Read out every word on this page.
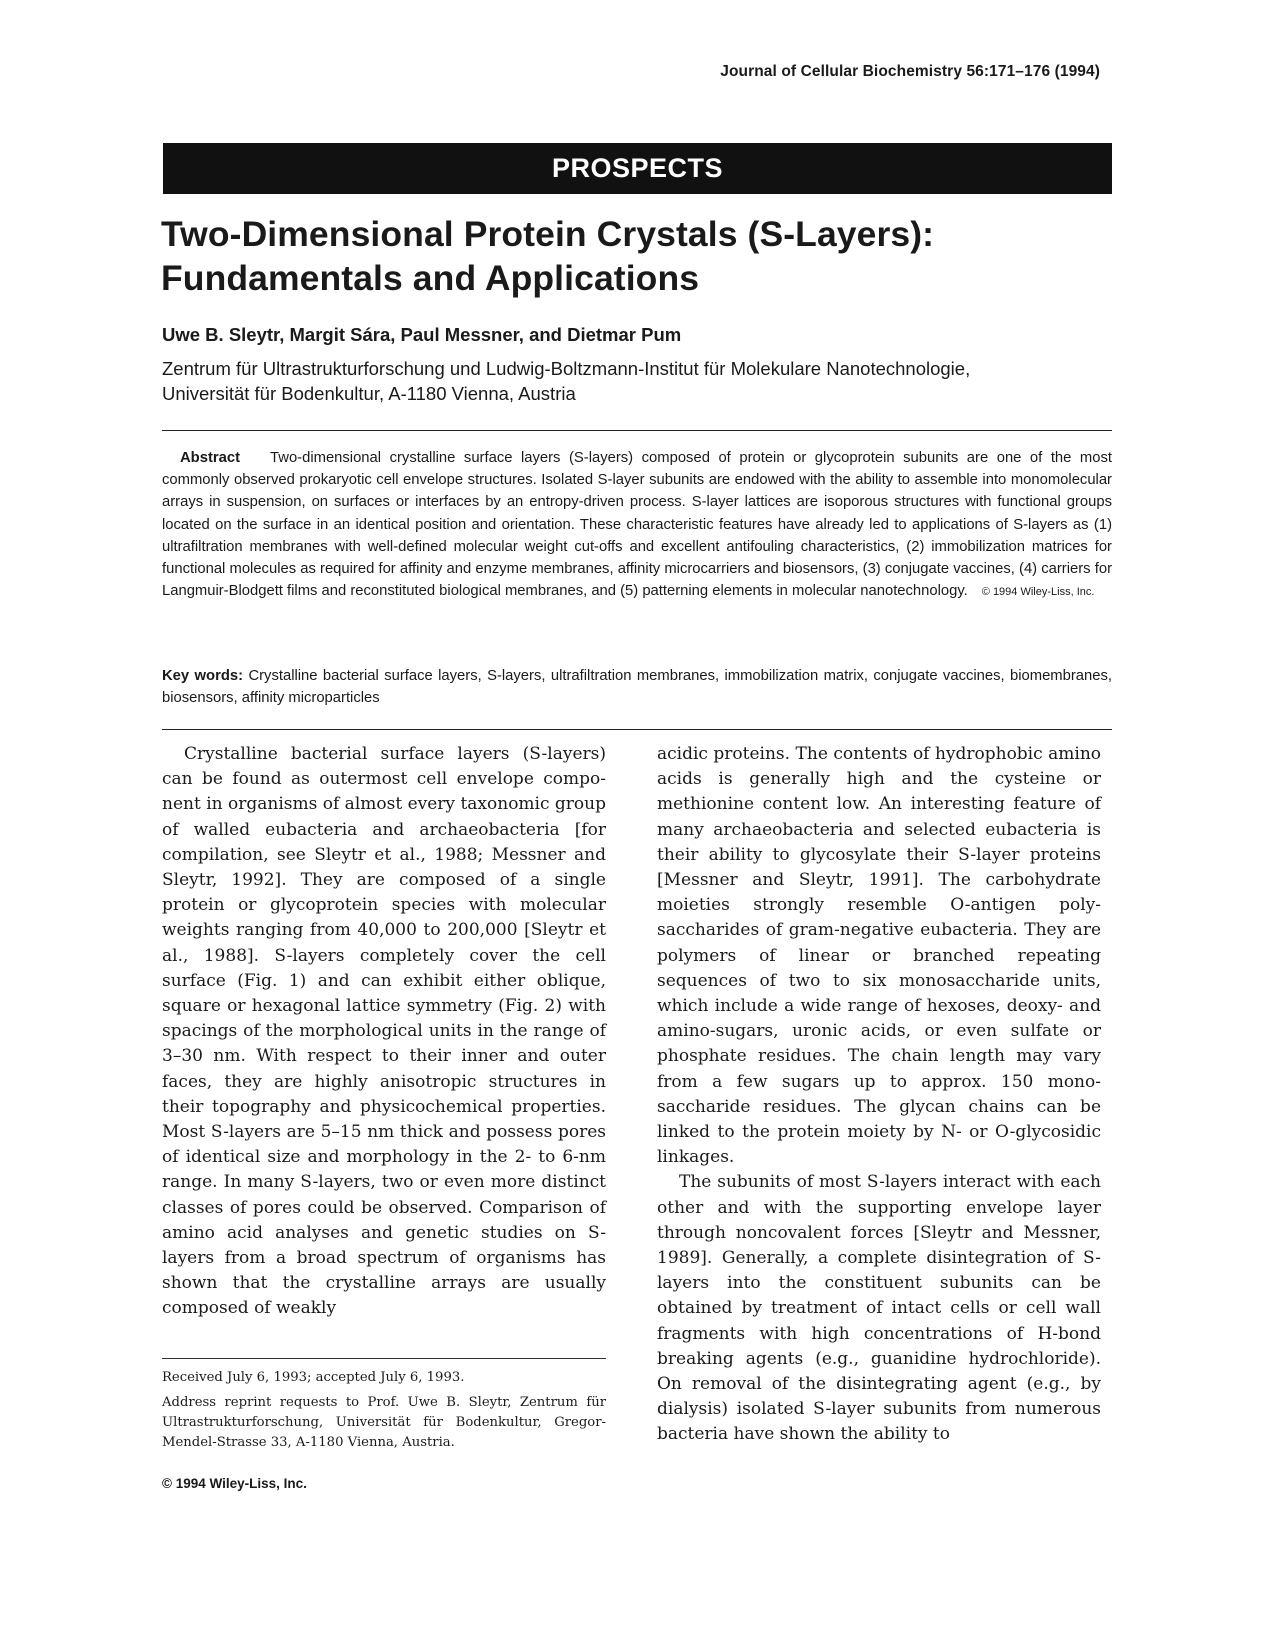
Journal of Cellular Biochemistry 56:171–176 (1994)
PROSPECTS
Two-Dimensional Protein Crystals (S-Layers):
Fundamentals and Applications
Uwe B. Sleytr, Margit Sára, Paul Messner, and Dietmar Pum
Zentrum für Ultrastrukturforschung und Ludwig-Boltzmann-Institut für Molekulare Nanotechnologie,
Universität für Bodenkultur, A-1180 Vienna, Austria
Abstract Two-dimensional crystalline surface layers (S-layers) composed of protein or glycoprotein subunits are one of the most commonly observed prokaryotic cell envelope structures. Isolated S-layer subunits are endowed with the ability to assemble into monomolecular arrays in suspension, on surfaces or interfaces by an entropy-driven process. S-layer lattices are isoporous structures with functional groups located on the surface in an identical position and orientation. These characteristic features have already led to applications of S-layers as (1) ultrafiltration membranes with well-defined molecular weight cut-offs and excellent antifouling characteristics, (2) immobilization matrices for functional molecules as required for affinity and enzyme membranes, affinity microcarriers and biosensors, (3) conjugate vaccines, (4) carriers for Langmuir-Blodgett films and reconstituted biological membranes, and (5) patterning elements in molecular nanotechnology. © 1994 Wiley-Liss, Inc.
Key words: Crystalline bacterial surface layers, S-layers, ultrafiltration membranes, immobilization matrix, conjugate vaccines, biomembranes, biosensors, affinity microparticles

Crystalline bacterial surface layers (S-layers) can be found as outermost cell envelope component in organisms of almost every taxonomic group of walled eubacteria and archaeobacteria [for compilation, see Sleytr et al., 1988; Messner and Sleytr, 1992]. They are composed of a single protein or glycoprotein species with molecular weights ranging from 40,000 to 200,000 [Sleytr et al., 1988]. S-layers completely cover the cell surface (Fig. 1) and can exhibit either oblique, square or hexagonal lattice symmetry (Fig. 2) with spacings of the morphological units in the range of 3–30 nm. With respect to their inner and outer faces, they are highly anisotropic structures in their topography and physicochemical properties. Most S-layers are 5–15 nm thick and possess pores of identical size and morphology in the 2- to 6-nm range. In many S-layers, two or even more distinct classes of pores could be observed. Comparison of amino acid analyses and genetic studies on S-layers from a broad spectrum of organisms has shown that the crystalline arrays are usually composed of weakly

acidic proteins. The contents of hydrophobic amino acids is generally high and the cysteine or methionine content low. An interesting feature of many archaeobacteria and selected eubacteria is their ability to glycosylate their S-layer proteins [Messner and Sleytr, 1991]. The carbohydrate moieties strongly resemble O-antigen polysaccharides of gram-negative eubacteria. They are polymers of linear or branched repeating sequences of two to six monosaccharide units, which include a wide range of hexoses, deoxy- and amino-sugars, uronic acids, or even sulfate or phosphate residues. The chain length may vary from a few sugars up to approx. 150 monosaccharide residues. The glycan chains can be linked to the protein moiety by N- or O-glycosidic linkages.

The subunits of most S-layers interact with each other and with the supporting envelope layer through noncovalent forces [Sleytr and Messner, 1989]. Generally, a complete disintegration of S-layers into the constituent subunits can be obtained by treatment of intact cells or cell wall fragments with high concentrations of H-bond breaking agents (e.g., guanidine hydrochloride). On removal of the disintegrating agent (e.g., by dialysis) isolated S-layer subunits from numerous bacteria have shown the ability to

Received July 6, 1993; accepted July 6, 1993.
Address reprint requests to Prof. Uwe B. Sleytr, Zentrum für Ultrastrukturforschung, Universität für Bodenkultur, Gregor-Mendel-Strasse 33, A-1180 Vienna, Austria.
© 1994 Wiley-Liss, Inc.
